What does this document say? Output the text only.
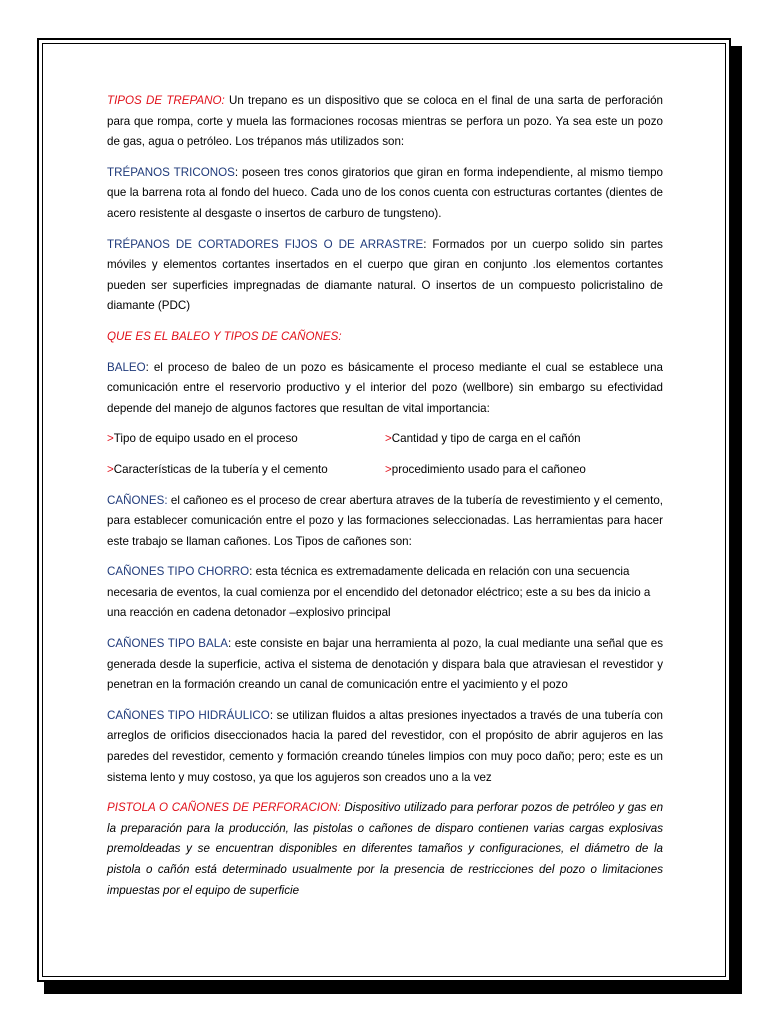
TIPOS DE TREPANO: Un trepano es un dispositivo que se coloca en el final de una sarta de perforación para que rompa, corte y muela las formaciones rocosas mientras se perfora un pozo. Ya sea este un pozo de gas, agua o petróleo. Los trépanos más utilizados son:

TRÉPANOS TRICONOS: poseen tres conos giratorios que giran en forma independiente, al mismo tiempo que la barrena rota al fondo del hueco. Cada uno de los conos cuenta con estructuras cortantes (dientes de acero resistente al desgaste o insertos de carburo de tungsteno).

TRÉPANOS DE CORTADORES FIJOS O DE ARRASTRE: Formados por un cuerpo solido sin partes móviles y elementos cortantes insertados en el cuerpo que giran en conjunto .los elementos cortantes pueden ser superficies impregnadas de diamante natural. O insertos de un compuesto policristalino de diamante (PDC)

QUE ES EL BALEO Y TIPOS DE CAÑONES:

BALEO: el proceso de baleo de un pozo es básicamente el proceso mediante el cual se establece una comunicación entre el reservorio productivo y el interior del pozo (wellbore) sin embargo su efectividad depende del manejo de algunos factores que resultan de vital importancia:

>Tipo de equipo usado en el proceso	>Cantidad y tipo de carga en el cañón
>Características de la tubería y el cemento	>procedimiento usado para el cañoneo

CAÑONES: el cañoneo es el proceso de crear abertura atraves de la tubería de revestimiento y el cemento, para establecer comunicación entre el pozo y las formaciones seleccionadas. Las herramientas para hacer este trabajo se llaman cañones. Los Tipos de cañones son:

CAÑONES TIPO CHORRO: esta técnica es extremadamente delicada en relación con una secuencia necesaria de eventos, la cual comienza por el encendido del detonador eléctrico; este a su bes da inicio a una reacción en cadena detonador –explosivo principal

CAÑONES TIPO BALA: este consiste en bajar una herramienta al pozo, la cual mediante una señal que es generada desde la superficie, activa el sistema de denotación y dispara bala que atraviesan el revestidor y penetran en la formación creando un canal de comunicación entre el yacimiento y el pozo

CAÑONES TIPO HIDRÁULICO: se utilizan fluidos a altas presiones inyectados a través de una tubería con arreglos de orificios diseccionados hacia la pared del revestidor, con el propósito de abrir agujeros en las paredes del revestidor, cemento y formación creando túneles limpios con muy poco daño; pero; este es un sistema lento y muy costoso, ya que los agujeros son creados uno a la vez

PISTOLA O CAÑONES DE PERFORACION: Dispositivo utilizado para perforar pozos de petróleo y gas en la preparación para la producción, las pistolas o cañones de disparo contienen varias cargas explosivas premoldeadas y se encuentran disponibles en diferentes tamaños y configuraciones, el diámetro de la pistola o cañón está determinado usualmente por la presencia de restricciones del pozo o limitaciones impuestas por el equipo de superficie
